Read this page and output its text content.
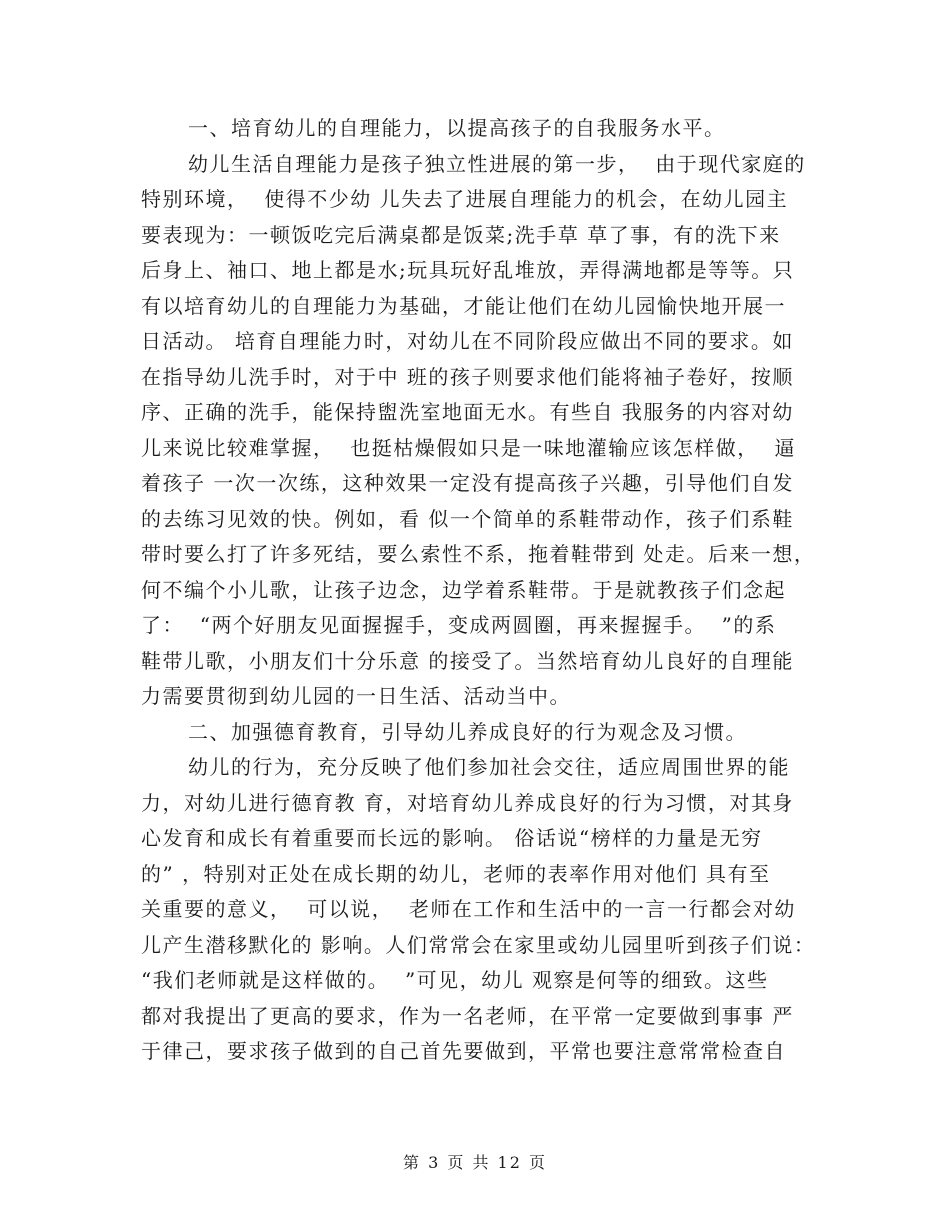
一、培育幼儿的自理能力，以提高孩子的自我服务水平。
幼儿生活自理能力是孩子独立性进展的第一步，  由于现代家庭的
特别环境，  使得不少幼 儿失去了进展自理能力的机会，在幼儿园主
要表现为：一顿饭吃完后满桌都是饭菜;洗手草 草了事，有的洗下来
后身上、袖口、地上都是水;玩具玩好乱堆放，弄得满地都是等等。只
有以培育幼儿的自理能力为基础，才能让他们在幼儿园愉快地开展一
日活动。 培育自理能力时，对幼儿在不同阶段应做出不同的要求。如
在指导幼儿洗手时，对于中 班的孩子则要求他们能将袖子卷好，按顺
序、正确的洗手，能保持盥洗室地面无水。有些自 我服务的内容对幼
儿来说比较难掌握，  也挺枯燥假如只是一味地灌输应该怎样做，  逼
着孩子 一次一次练，这种效果一定没有提高孩子兴趣，引导他们自发
的去练习见效的快。例如，看 似一个简单的系鞋带动作，孩子们系鞋
带时要么打了许多死结，要么索性不系，拖着鞋带到 处走。后来一想，
何不编个小儿歌，让孩子边念，边学着系鞋带。于是就教孩子们念起
了：  “两个好朋友见面握握手，变成两圆圈，再来握握手。  ”的系
鞋带儿歌，小朋友们十分乐意 的接受了。当然培育幼儿良好的自理能
力需要贯彻到幼儿园的一日生活、活动当中。
二、加强德育教育，引导幼儿养成良好的行为观念及习惯。
幼儿的行为，充分反映了他们参加社会交往，适应周围世界的能
力，对幼儿进行德育教 育，对培育幼儿养成良好的行为习惯，对其身
心发育和成长有着重要而长远的影响。 俗话说“榜样的力量是无穷
的” ，特别对正处在成长期的幼儿，老师的表率作用对他们 具有至
关重要的意义，  可以说，  老师在工作和生活中的一言一行都会对幼
儿产生潜移默化的 影响。人们常常会在家里或幼儿园里听到孩子们说：
“我们老师就是这样做的。  ”可见，幼儿 观察是何等的细致。这些
都对我提出了更高的要求，作为一名老师，在平常一定要做到事事 严
于律己，要求孩子做到的自己首先要做到，平常也要注意常常检查自
第 3 页 共 12 页
